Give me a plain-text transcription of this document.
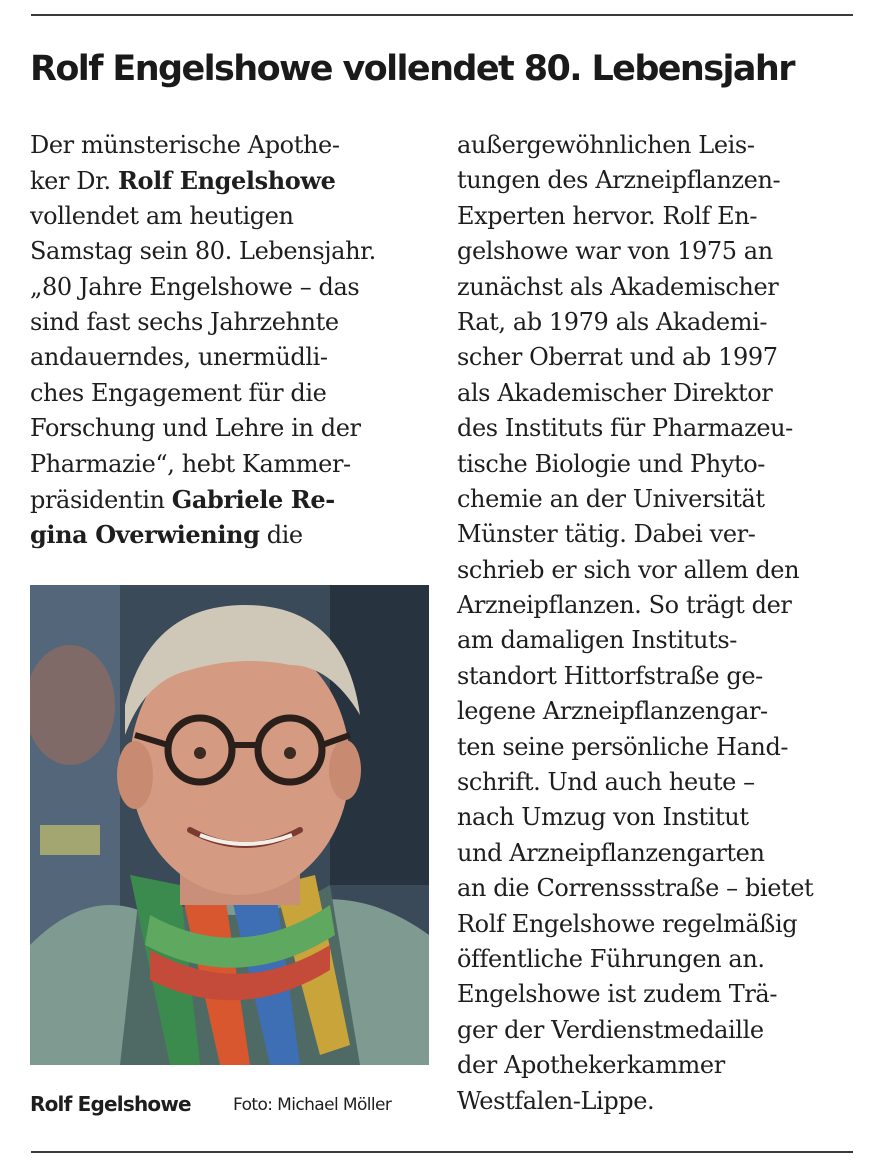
Rolf Engelshowe vollendet 80. Lebensjahr
Der münsterische Apothe-
ker Dr. Rolf Engelshowe
vollendet am heutigen
Samstag sein 80. Lebensjahr.
„80 Jahre Engelshowe – das
sind fast sechs Jahrzehnte
andauerndes, unermüdli-
ches Engagement für die
Forschung und Lehre in der
Pharmazie“, hebt Kammer-
präsidentin Gabriele Re-
gina Overwiening die
Rolf Egelshowe Foto: Michael Möller
außergewöhnlichen Leis-
tungen des Arzneipflanzen-
Experten hervor. Rolf En-
gelshowe war von 1975 an
zunächst als Akademischer
Rat, ab 1979 als Akademi-
scher Oberrat und ab 1997
als Akademischer Direktor
des Instituts für Pharmazeu-
tische Biologie und Phyto-
chemie an der Universität
Münster tätig. Dabei ver-
schrieb er sich vor allem den
Arzneipflanzen. So trägt der
am damaligen Instituts-
standort Hittorfstraße ge-
legene Arzneipflanzengar-
ten seine persönliche Hand-
schrift. Und auch heute –
nach Umzug von Institut
und Arzneipflanzengarten
an die Correnssstraße – bietet
Rolf Engelshowe regelmäßig
öffentliche Führungen an.
Engelshowe ist zudem Trä-
ger der Verdienstmedaille
der Apothekerkammer
Westfalen-Lippe.
